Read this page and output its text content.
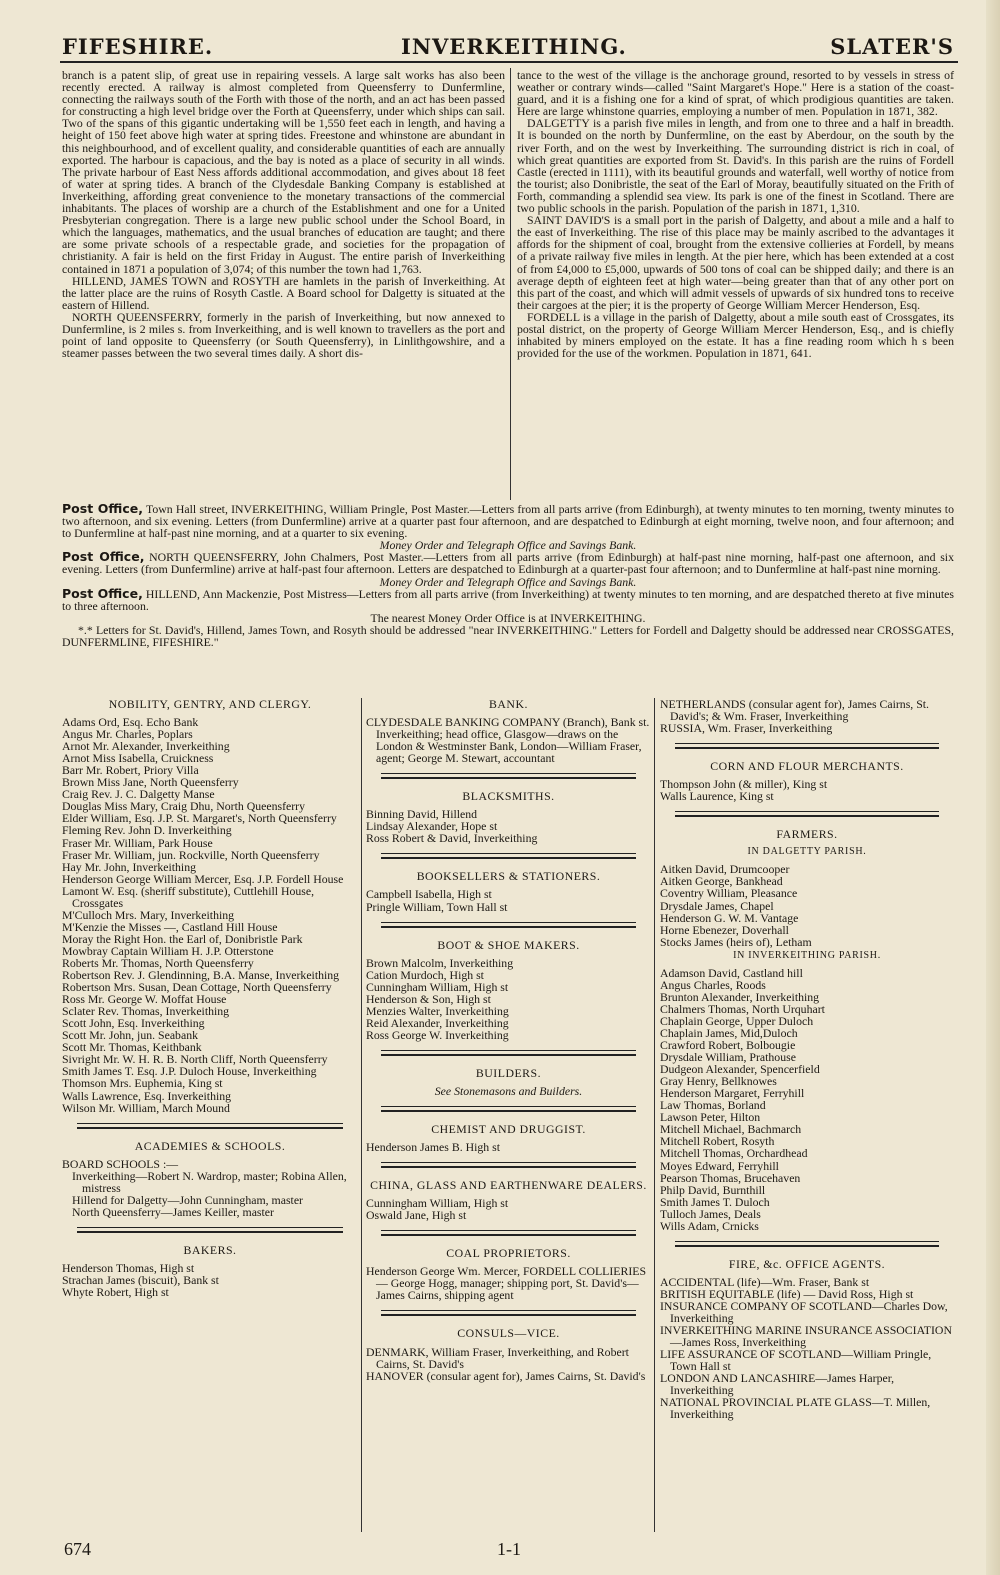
FIFESHIRE.	INVERKEITHING.	SLATER'S

branch is a patent slip, of great use in repairing vessels. A large salt works has also been recently erected. A railway is almost completed from Queensferry to Dunfermline, connecting the railways south of the Forth with those of the north, and an act has been passed for constructing a high level bridge over the Forth at Queensferry, under which ships can sail. Two of the spans of this gigantic undertaking will be 1,550 feet each in length, and having a height of 150 feet above high water at spring tides. Freestone and whinstone are abundant in this neighbourhood, and of excellent quality, and considerable quantities of each are annually exported. The harbour is capacious, and the bay is noted as a place of security in all winds. The private harbour of East Ness affords additional accommodation, and gives about 18 feet of water at spring tides. A branch of the Clydesdale Banking Company is established at Inverkeithing, affording great convenience to the monetary transactions of the commercial inhabitants. The places of worship are a church of the Establishment and one for a United Presbyterian congregation. There is a large new public school under the School Board, in which the languages, mathematics, and the usual branches of education are taught; and there are some private schools of a respectable grade, and societies for the propagation of christianity. A fair is held on the first Friday in August. The entire parish of Inverkeithing contained in 1871 a population of 3,074; of this number the town had 1,763.

HILLEND, JAMES TOWN and ROSYTH are hamlets in the parish of Inverkeithing. At the latter place are the ruins of Rosyth Castle. A Board school for Dalgetty is situated at the eastern of Hillend.

NORTH QUEENSFERRY, formerly in the parish of Inverkeithing, but now annexed to Dunfermline, is 2 miles s. from Inverkeithing, and is well known to travellers as the port and point of land opposite to Queensferry (or South Queensferry), in Linlithgowshire, and a steamer passes between the two several times daily. A short dis-

tance to the west of the village is the anchorage ground, resorted to by vessels in stress of weather or contrary winds—called "Saint Margaret's Hope." Here is a station of the coast-guard, and it is a fishing one for a kind of sprat, of which prodigious quantities are taken. Here are large whinstone quarries, employing a number of men. Population in 1871, 382.

DALGETTY is a parish five miles in length, and from one to three and a half in breadth. It is bounded on the north by Dunfermline, on the east by Aberdour, on the south by the river Forth, and on the west by Inverkeithing. The surrounding district is rich in coal, of which great quantities are exported from St. David's. In this parish are the ruins of Fordell Castle (erected in 1111), with its beautiful grounds and waterfall, well worthy of notice from the tourist; also Donibristle, the seat of the Earl of Moray, beautifully situated on the Frith of Forth, commanding a splendid sea view. Its park is one of the finest in Scotland. There are two public schools in the parish. Population of the parish in 1871, 1,310.

SAINT DAVID'S is a small port in the parish of Dalgetty, and about a mile and a half to the east of Inverkeithing. The rise of this place may be mainly ascribed to the advantages it affords for the shipment of coal, brought from the extensive collieries at Fordell, by means of a private railway five miles in length. At the pier here, which has been extended at a cost of from £4,000 to £5,000, upwards of 500 tons of coal can be shipped daily; and there is an average depth of eighteen feet at high water—being greater than that of any other port on this part of the coast, and which will admit vessels of upwards of six hundred tons to receive their cargoes at the pier; it is the property of George William Mercer Henderson, Esq.

FORDELL is a village in the parish of Dalgetty, about a mile south east of Crossgates, its postal district, on the property of George William Mercer Henderson, Esq., and is chiefly inhabited by miners employed on the estate. It has a fine reading room which h s been provided for the use of the workmen. Population in 1871, 641.

Post Office, Town Hall street, INVERKEITHING, William Pringle, Post Master.—Letters from all parts arrive (from Edinburgh), at twenty minutes to ten morning, twenty minutes to two afternoon, and six evening. Letters (from Dunfermline) arrive at a quarter past four afternoon, and are despatched to Edinburgh at eight morning, twelve noon, and four afternoon; and to Dunfermline at half-past nine morning, and at a quarter to six evening.

Money Order and Telegraph Office and Savings Bank.

Post Office, NORTH QUEENSFERRY, John Chalmers, Post Master.—Letters from all parts arrive (from Edinburgh) at half-past nine morning, half-past one afternoon, and six evening. Letters (from Dunfermline) arrive at half-past four afternoon. Letters are despatched to Edinburgh at a quarter-past four afternoon; and to Dunfermline at half-past nine morning.

Money Order and Telegraph Office and Savings Bank.

Post Office, HILLEND, Ann Mackenzie, Post Mistress—Letters from all parts arrive (from Inverkeithing) at twenty minutes to ten morning, and are despatched thereto at five minutes to three afternoon.

The nearest Money Order Office is at INVERKEITHING.

*.* Letters for St. David's, Hillend, James Town, and Rosyth should be addressed "near INVERKEITHING." Letters for Fordell and Dalgetty should be addressed near CROSSGATES, DUNFERMLINE, FIFESHIRE."

NOBILITY, GENTRY, AND CLERGY.
Adams Ord, Esq. Echo Bank
Angus Mr. Charles, Poplars
Arnot Mr. Alexander, Inverkeithing
Arnot Miss Isabella, Cruickness
Barr Mr. Robert, Priory Villa
Brown Miss Jane, North Queensferry
Craig Rev. J. C. Dalgetty Manse
Douglas Miss Mary, Craig Dhu, North Queensferry
Elder William, Esq. J.P. St. Margaret's, North Queensferry
Fleming Rev. John D. Inverkeithing
Fraser Mr. William, Park House
Fraser Mr. William, jun. Rockville, North Queensferry
Hay Mr. John, Inverkeithing
Henderson George William Mercer, Esq. J.P. Fordell House
Lamont W. Esq. (sheriff substitute), Cuttlehill House, Crossgates
M'Culloch Mrs. Mary, Inverkeithing
M'Kenzie the Misses —, Castland Hill House
Moray the Right Hon. the Earl of, Donibristle Park
Mowbray Captain William H. J.P. Otterstone
Roberts Mr. Thomas, North Queensferry
Robertson Rev. J. Glendinning, B.A. Manse, Inverkeithing
Robertson Mrs. Susan, Dean Cottage, North Queensferry
Ross Mr. George W. Moffat House
Sclater Rev. Thomas, Inverkeithing
Scott John, Esq. Inverkeithing
Scott Mr. John, jun. Seabank
Scott Mr. Thomas, Keithbank
Sivright Mr. W. H. R. B. North Cliff, North Queensferry
Smith James T. Esq. J.P. Duloch House, Inverkeithing
Thomson Mrs. Euphemia, King st
Walls Lawrence, Esq. Inverkeithing
Wilson Mr. William, March Mound
ACADEMIES & SCHOOLS.
BOARD SCHOOLS :—
Inverkeithing—Robert N. Wardrop, master; Robina Allen, mistress
Hillend for Dalgetty—John Cunningham, master
North Queensferry—James Keiller, master
BAKERS.
Henderson Thomas, High st
Strachan James (biscuit), Bank st
Whyte Robert, High st
BANK.
CLYDESDALE BANKING COMPANY (Branch), Bank st. Inverkeithing; head office, Glasgow—draws on the London & Westminster Bank, London—William Fraser, agent; George M. Stewart, accountant
BLACKSMITHS.
Binning David, Hillend
Lindsay Alexander, Hope st
Ross Robert & David, Inverkeithing
BOOKSELLERS & STATIONERS.
Campbell Isabella, High st
Pringle William, Town Hall st
BOOT & SHOE MAKERS.
Brown Malcolm, Inverkeithing
Cation Murdoch, High st
Cunningham William, High st
Henderson & Son, High st
Menzies Walter, Inverkeithing
Reid Alexander, Inverkeithing
Ross George W. Inverkeithing
BUILDERS.
See Stonemasons and Builders.
CHEMIST AND DRUGGIST.
Henderson James B. High st
CHINA, GLASS AND EARTHENWARE DEALERS.
Cunningham William, High st
Oswald Jane, High st
COAL PROPRIETORS.
Henderson George Wm. Mercer, FORDELL COLLIERIES — George Hogg, manager; shipping port, St. David's—James Cairns, shipping agent
CONSULS—VICE.
DENMARK, William Fraser, Inverkeithing, and Robert Cairns, St. David's
HANOVER (consular agent for), James Cairns, St. David's
NETHERLANDS (consular agent for), James Cairns, St. David's; & Wm. Fraser, Inverkeithing
RUSSIA, Wm. Fraser, Inverkeithing
CORN AND FLOUR MERCHANTS.
Thompson John (& miller), King st
Walls Laurence, King st
FARMERS.
IN DALGETTY PARISH.
Aitken David, Drumcooper
Aitken George, Bankhead
Coventry William, Pleasance
Drysdale James, Chapel
Henderson G. W. M. Vantage
Horne Ebenezer, Doverhall
Stocks James (heirs of), Letham
IN INVERKEITHING PARISH.
Adamson David, Castland hill
Angus Charles, Roods
Brunton Alexander, Inverkeithing
Chalmers Thomas, North Urquhart
Chaplain George, Upper Duloch
Chaplain James, Mid,Duloch
Crawford Robert, Bolbougie
Drysdale William, Prathouse
Dudgeon Alexander, Spencerfield
Gray Henry, Bellknowes
Henderson Margaret, Ferryhill
Law Thomas, Borland
Lawson Peter, Hilton
Mitchell Michael, Bachmarch
Mitchell Robert, Rosyth
Mitchell Thomas, Orchardhead
Moyes Edward, Ferryhill
Pearson Thomas, Brucehaven
Philp David, Burnthill
Smith James T. Duloch
Tulloch James, Deals
Wills Adam, Crnicks
FIRE, &c. OFFICE AGENTS.
ACCIDENTAL (life)—Wm. Fraser, Bank st
BRITISH EQUITABLE (life) — David Ross, High st
INSURANCE COMPANY OF SCOTLAND—Charles Dow, Inverkeithing
INVERKEITHING MARINE INSURANCE ASSOCIATION—James Ross, Inverkeithing
LIFE ASSURANCE OF SCOTLAND—William Pringle, Town Hall st
LONDON AND LANCASHIRE—James Harper, Inverkeithing
NATIONAL PROVINCIAL PLATE GLASS—T. Millen, Inverkeithing
674	1-1
